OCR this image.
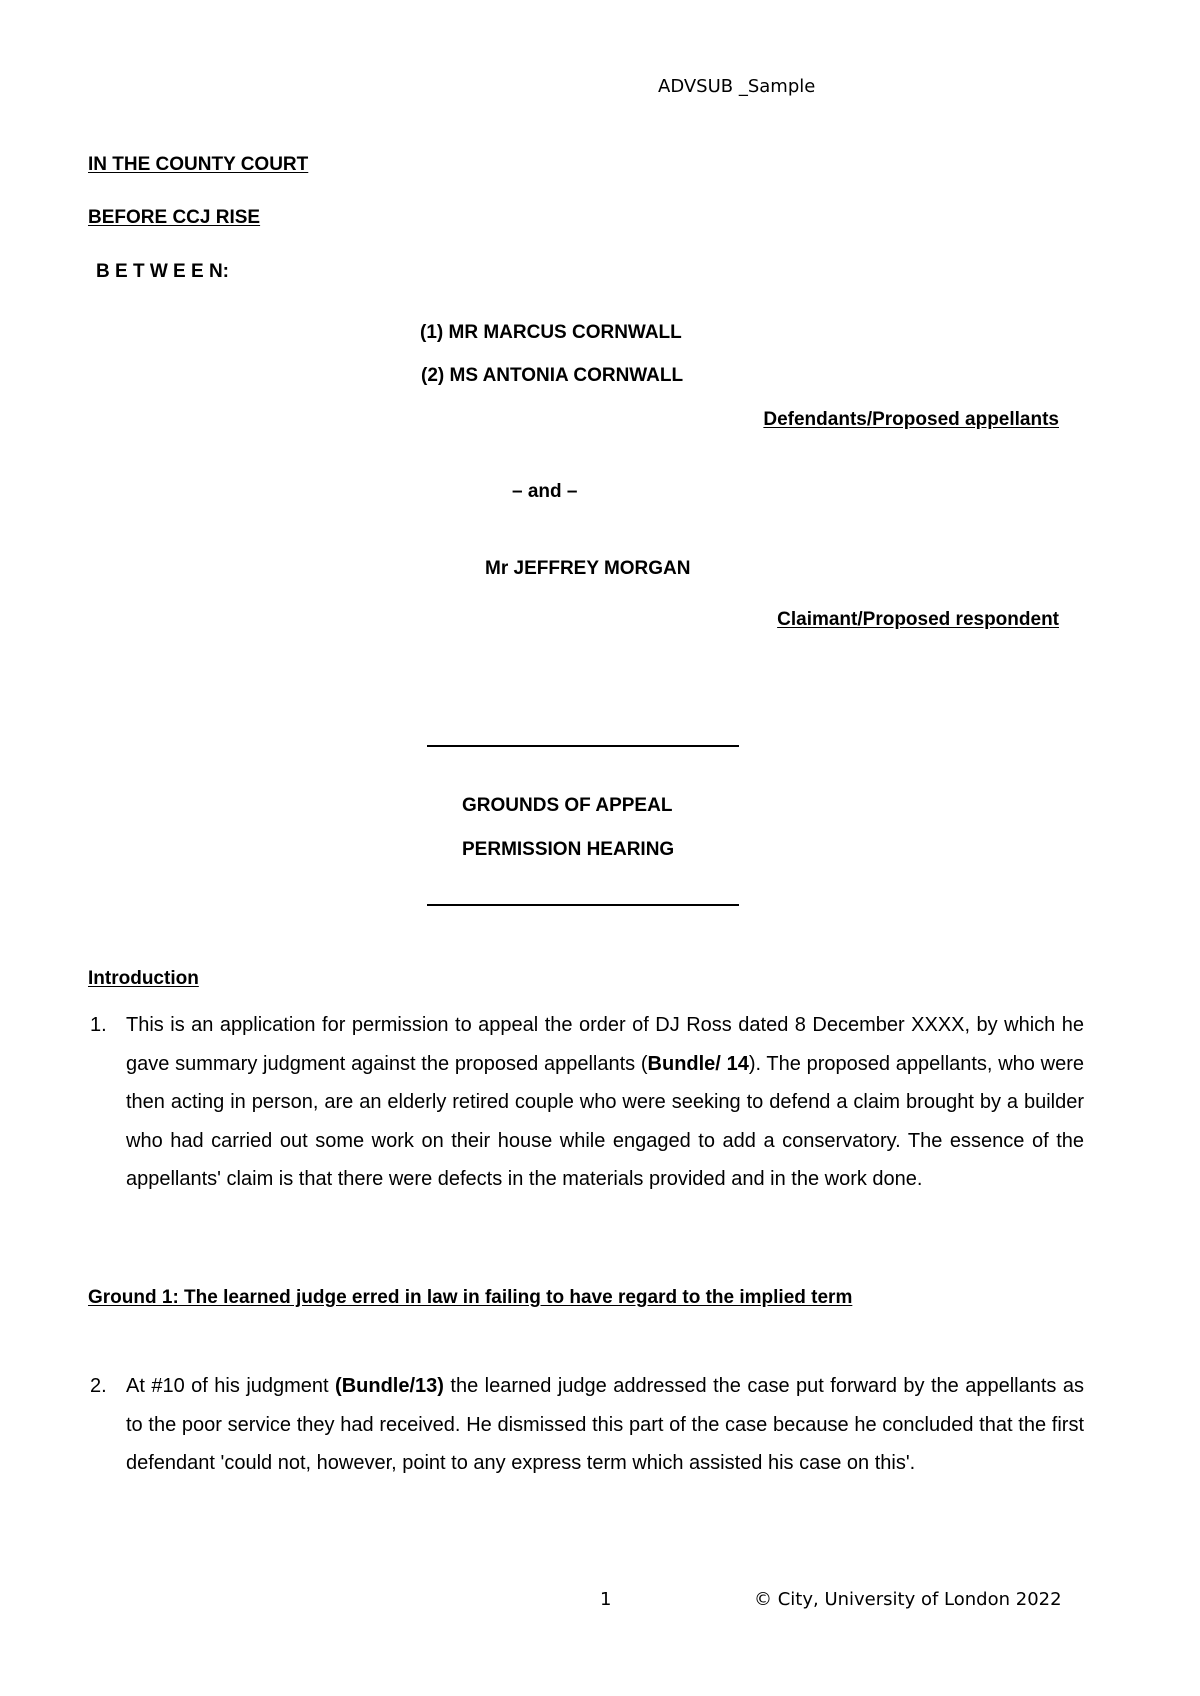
ADVSUB _Sample
IN THE COUNTY COURT
BEFORE CCJ RISE
B E T W E E N:
(1) MR MARCUS CORNWALL
(2) MS ANTONIA CORNWALL
Defendants/Proposed appellants
– and –
Mr JEFFREY MORGAN
Claimant/Proposed respondent
GROUNDS OF APPEAL
PERMISSION HEARING
Introduction
1. This is an application for permission to appeal the order of DJ Ross dated 8 December XXXX, by which he gave summary judgment against the proposed appellants (Bundle/ 14). The proposed appellants, who were then acting in person, are an elderly retired couple who were seeking to defend a claim brought by a builder who had carried out some work on their house while engaged to add a conservatory. The essence of the appellants' claim is that there were defects in the materials provided and in the work done.
Ground 1: The learned judge erred in law in failing to have regard to the implied term
2. At #10 of his judgment (Bundle/13) the learned judge addressed the case put forward by the appellants as to the poor service they had received. He dismissed this part of the case because he concluded that the first defendant 'could not, however, point to any express term which assisted his case on this'.
1	© City, University of London 2022
